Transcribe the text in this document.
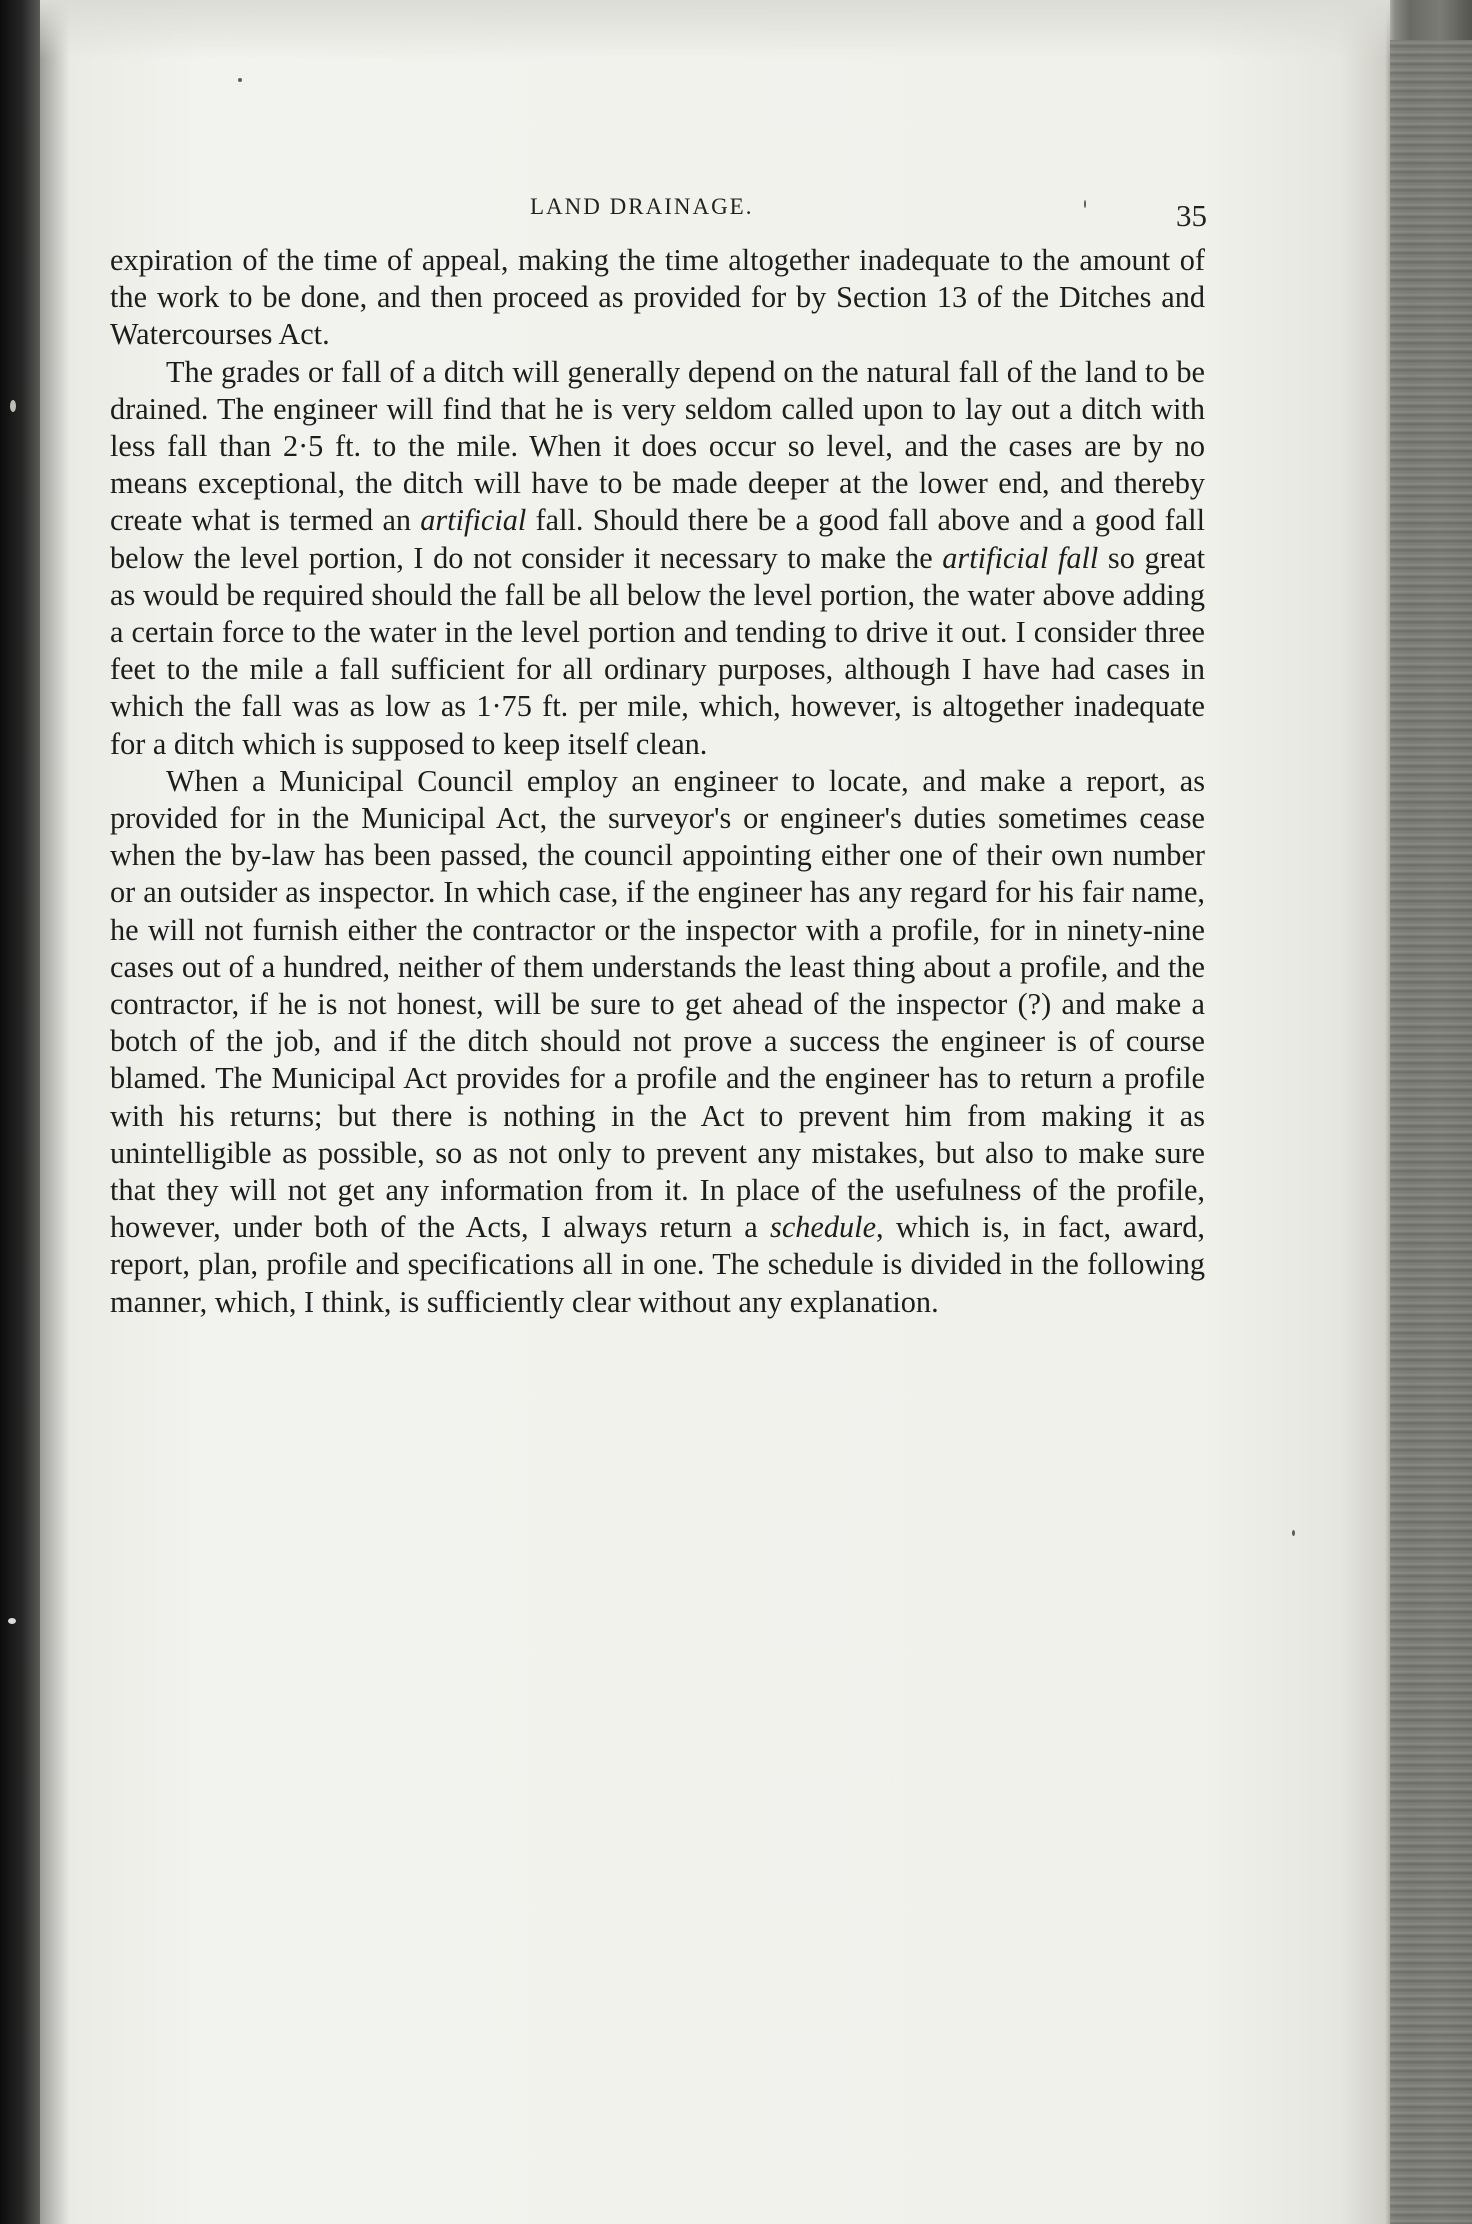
LAND DRAINAGE.	35

expiration of the time of appeal, making the time altogether inadequate to the amount of the work to be done, and then proceed as provided for by Section 13 of the Ditches and Watercourses Act.

The grades or fall of a ditch will generally depend on the natural fall of the land to be drained. The engineer will find that he is very seldom called upon to lay out a ditch with less fall than 2·5 ft. to the mile. When it does occur so level, and the cases are by no means exceptional, the ditch will have to be made deeper at the lower end, and thereby create what is termed an artificial fall. Should there be a good fall above and a good fall below the level portion, I do not consider it necessary to make the artificial fall so great as would be required should the fall be all below the level portion, the water above adding a certain force to the water in the level portion and tending to drive it out. I consider three feet to the mile a fall sufficient for all ordinary purposes, although I have had cases in which the fall was as low as 1·75 ft. per mile, which, however, is altogether inadequate for a ditch which is supposed to keep itself clean.

When a Municipal Council employ an engineer to locate, and make a report, as provided for in the Municipal Act, the surveyor's or engineer's duties sometimes cease when the by-law has been passed, the council appointing either one of their own number or an outsider as inspector. In which case, if the engineer has any regard for his fair name, he will not furnish either the contractor or the inspector with a profile, for in ninety-nine cases out of a hundred, neither of them understands the least thing about a profile, and the contractor, if he is not honest, will be sure to get ahead of the inspector (?) and make a botch of the job, and if the ditch should not prove a success the engineer is of course blamed. The Municipal Act provides for a profile and the engineer has to return a profile with his returns; but there is nothing in the Act to prevent him from making it as unintelligible as possible, so as not only to prevent any mistakes, but also to make sure that they will not get any information from it. In place of the usefulness of the profile, however, under both of the Acts, I always return a schedule, which is, in fact, award, report, plan, profile and specifications all in one. The schedule is divided in the following manner, which, I think, is sufficiently clear without any explanation.
